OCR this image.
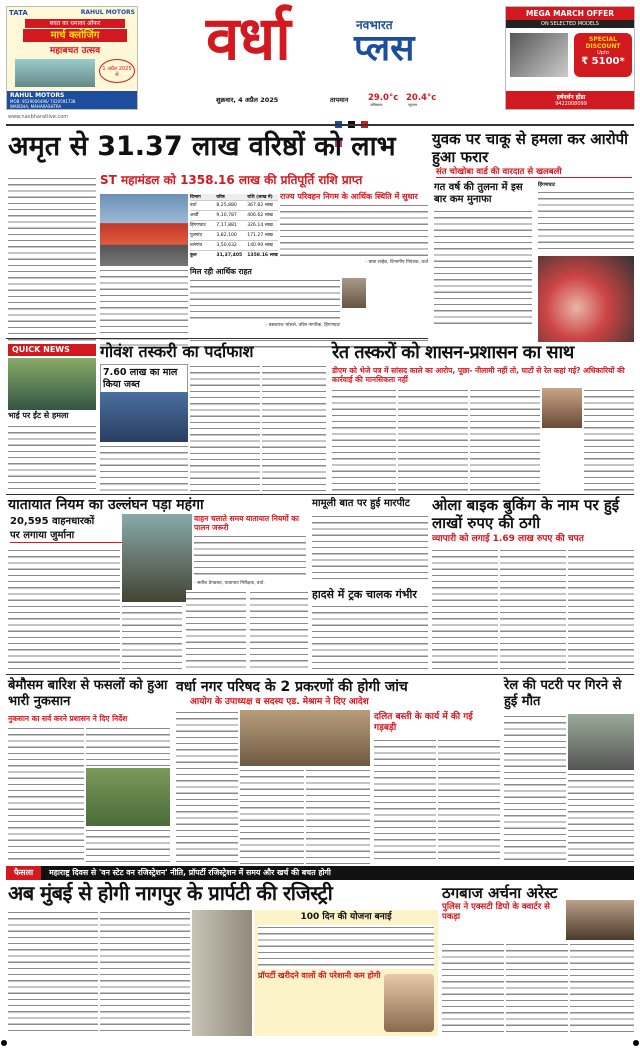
TATA	RAHUL MOTORS
बचत का धमाका ऑफर
मार्च क्लोजिंग
महाबचत उत्सव
1 अप्रैल 2025 से
RAHUL MOTORS
MOB: 9529006496/ 7020591738
WARDHA, MAHARASHTRA
वर्धा	नवभारत
प्लस
MEGA MARCH OFFER
ON SELECTED MODELS
SPECIAL DISCOUNT
Upto
₹ 5100*
हर्षवर्धन होंडा
9422008099
शुक्रवार, 4 अप्रैल 2025	तापमान 29.0°c 20.4°c
अधिकतम	न्यूनतम
www.navbharatlive.com

अमृत से 31.37 लाख वरिष्ठों को लाभ
ST महामंडल को 1358.16 लाख की प्रतिपूर्ति राशि प्राप्त
विभाग	वरिष्ठ	राशि (लाख में)
वर्धा	8,25,880	367.82 लाख
आर्वी	9,10,787	406.62 लाख
हिंगणघाट	7,17,881	326.14 लाख
पुलगांव	3,82,100	171.27 लाख
तलेगांव	3,50,632	140.90 लाख
कुल	31,37,405	1358.16 लाख
राज्य परिवहन निगम के आर्थिक स्थिति में सुधार
- बाबा शाहेब, विभागीय नियंत्रक, वर्धा
मिल रही आर्थिक राहत
- बसवराज भोसले, वरिष्ठ नागरिक, हिंगणघाट
युवक पर चाकू से हमला कर आरोपी हुआ फरार
संत चोखोबा वार्ड की वारदात से खलबली
गत वर्ष की तुलना में इस बार कम मुनाफा
हिंगणघाट
QUICK NEWS
भाई पर ईंट से हमला
गोवंश तस्करी का पर्दाफाश
7.60 लाख का माल किया जब्त
रेत तस्करों को शासन-प्रशासन का साथ
डीएम को भेजे पत्र में सांसद काले का आरोप, पूछा- नीलामी नहीं तो, घाटों से रेत कहां गई? अधिकारियों की कार्रवाई की मानसिकता नहीं
यातायात नियम का उल्लंघन पड़ा महंगा
20,595 वाहनधारकों
पर लगाया जुर्माना
वाहन चलाते समय यातायात नियमों का पालन जरूरी
- सतीश ठेंगडकर, यातायात निरीक्षक, वर्धा.
मामूली बात पर हुई मारपीट
हादसे में ट्रक चालक गंभीर
ओला बाइक बुकिंग के नाम पर हुई लाखों रुपए की ठगी
व्यापारी को लगाई 1.69 लाख रुपए की चपत
बेमौसम बारिश से फसलों को हुआ भारी नुकसान
नुकसान का सर्व करने प्रशासन ने दिए निर्देश
वर्धा नगर परिषद के 2 प्रकरणों की होगी जांच
आयोग के उपाध्यक्ष व सदस्य एड. मेश्राम ने दिए आदेश
दलित बस्ती के कार्य में की गई गड़बड़ी
रेल की पटरी पर गिरने से हुई मौत
फैसला	महाराष्ट्र दिवस से 'वन स्टेट वन रजिस्ट्रेशन' नीति, प्रॉपर्टी रजिस्ट्रेशन में समय और खर्च की बचत होगी
अब मुंबई से होगी नागपुर के प्रार्पटी की रजिस्ट्री
100 दिन की योजना बनाई
प्रॉपर्टी खरीदने वालों की परेशानी कम होगी
ठगबाज अर्चना अरेस्ट
पुलिस ने एक्सटी डिपो के क्वार्टर से पकड़ा
